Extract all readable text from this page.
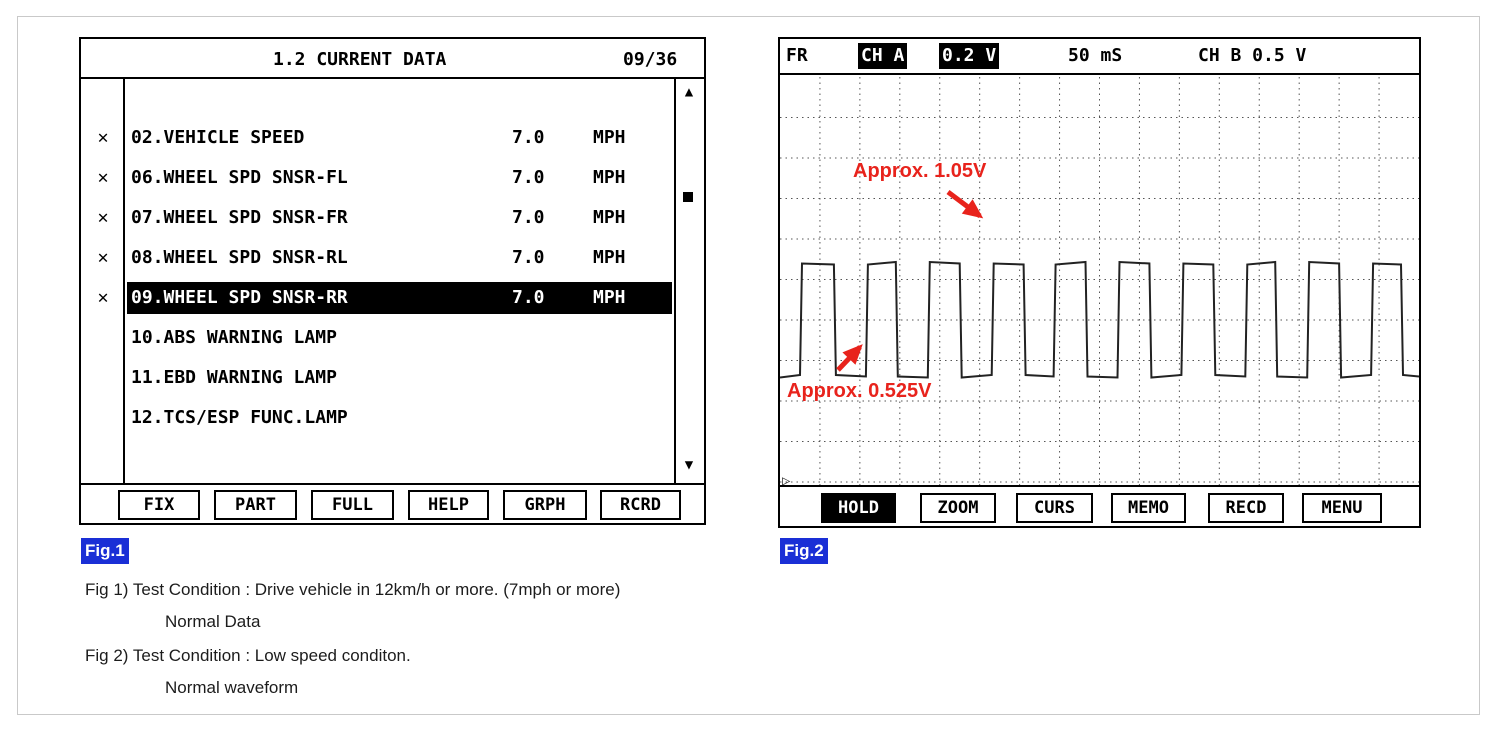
1.2 CURRENT DATA	09/36
▲
▼
✕ 02.VEHICLE SPEED	7.0	MPH
✕ 06.WHEEL SPD SNSR-FL	7.0	MPH
✕ 07.WHEEL SPD SNSR-FR	7.0	MPH
✕ 08.WHEEL SPD SNSR-RL	7.0	MPH
✕ 09.WHEEL SPD SNSR-RR	7.0	MPH
10.ABS WARNING LAMP
11.EBD WARNING LAMP
12.TCS/ESP FUNC.LAMP
FIX	PART	FULL	HELP	GRPH	RCRD
Fig.1

FR

	CH A

0.2 V

	50 mS

	CH B 0.5 V

▷
HOLD	ZOOM	CURS	MEMO	RECD	MENU
Approx. 1.05V
Approx. 0.525V
Fig.2
Fig 1) Test Condition : Drive vehicle in 12km/h or more. (7mph or more)
Normal Data
Fig 2) Test Condition : Low speed conditon.
Normal waveform
